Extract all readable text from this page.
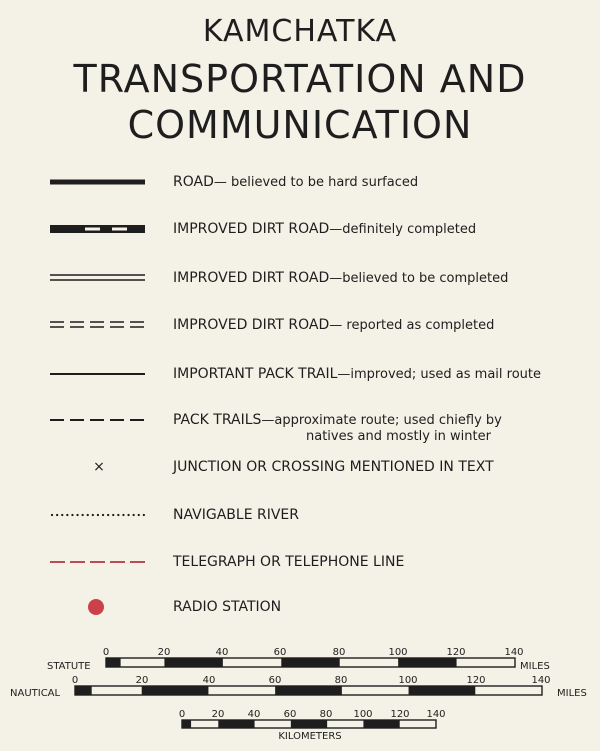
KAMCHATKA
TRANSPORTATION AND
COMMUNICATION
ROAD— believed to be hard surfaced
IMPROVED DIRT ROAD—definitely completed
IMPROVED DIRT ROAD—believed to be completed
IMPROVED DIRT ROAD— reported as completed
IMPORTANT PACK TRAIL—improved; used as mail route
PACK TRAILS—approximate route; used chiefly by
natives and mostly in winter
×	JUNCTION OR CROSSING MENTIONED IN TEXT
NAVIGABLE RIVER
TELEGRAPH OR TELEPHONE LINE
RADIO STATION
STATUTE
0	20	40	60	80	100	120	140
MILES
NAUTICAL
0	20	40	60	80	100	120	140
MILES
0	20 40 60 80 100 120 140
KILOMETERS
